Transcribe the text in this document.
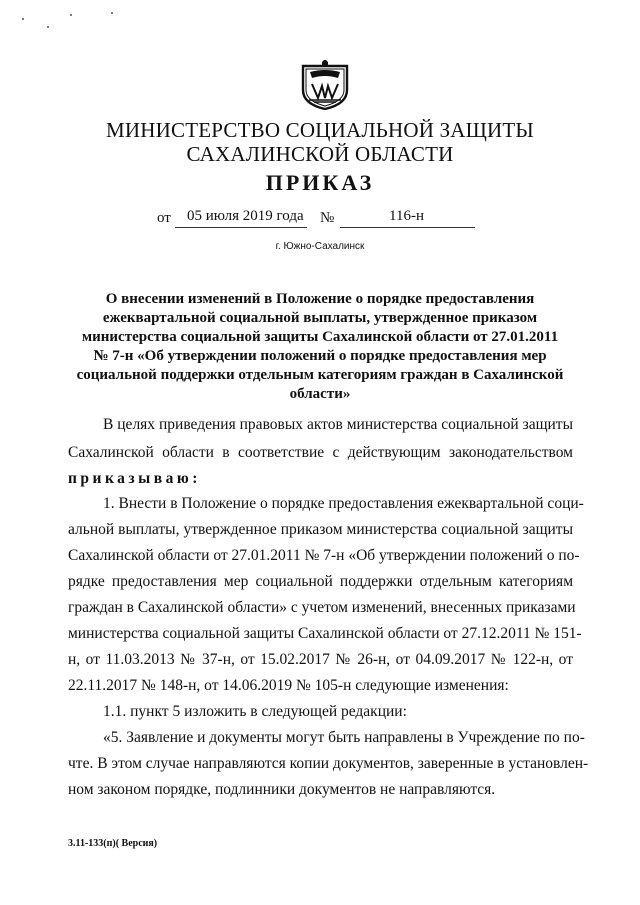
МИНИСТЕРСТВО СОЦИАЛЬНОЙ ЗАЩИТЫ
САХАЛИНСКОЙ ОБЛАСТИ
ПРИКАЗ
от 05 июля 2019 года №	116-н
г. Южно-Сахалинск
О внесении изменений в Положение о порядке предоставления
ежеквартальной социальной выплаты, утвержденное приказом
министерства социальной защиты Сахалинской области от 27.01.2011
№ 7-н «Об утверждении положений о порядке предоставления мер
социальной поддержки отдельным категориям граждан в Сахалинской
области»
В целях приведения правовых актов министерства социальной защиты
Сахалинской области в соответствие с действующим законодательством
приказываю:
1. Внести в Положение о порядке предоставления ежеквартальной соци-
альной выплаты, утвержденное приказом министерства социальной защиты
Сахалинской области от 27.01.2011 № 7-н «Об утверждении положений о по-
рядке предоставления мер социальной поддержки отдельным категориям
граждан в Сахалинской области» с учетом изменений, внесенных приказами
министерства социальной защиты Сахалинской области от 27.12.2011 № 151-
н, от 11.03.2013 № 37-н, от 15.02.2017 № 26-н, от 04.09.2017 № 122-н, от
22.11.2017 № 148-н, от 14.06.2019 № 105-н следующие изменения:
1.1. пункт 5 изложить в следующей редакции:
«5. Заявление и документы могут быть направлены в Учреждение по по-
чте. В этом случае направляются копии документов, заверенные в установлен-
ном законом порядке, подлинники документов не направляются.
3.11-133(п)( Версия)
